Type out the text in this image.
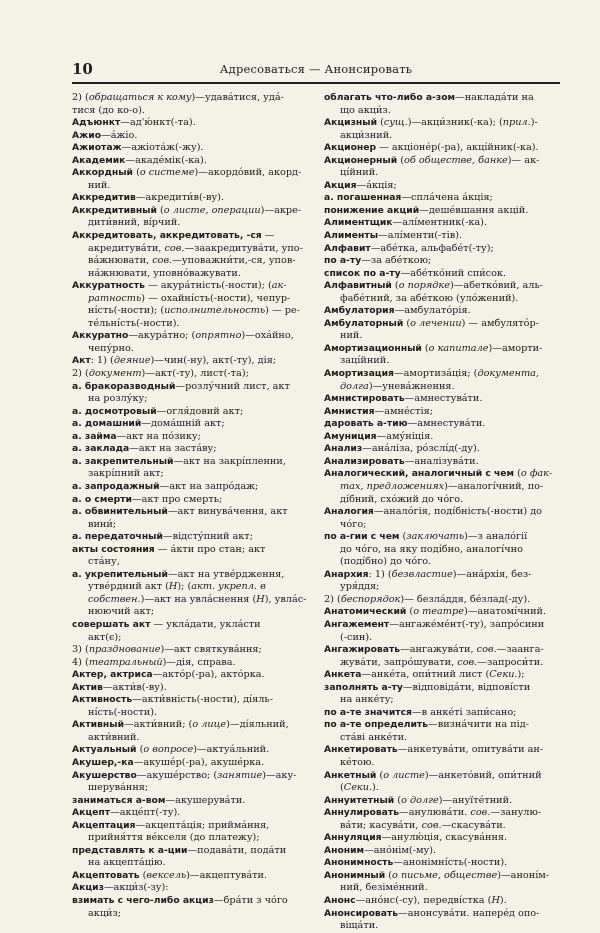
10	Адресоваться — Анонсировать
2) (обращаться к кому)—удава́тися, уда́-
тися (до ко-о).
Адъюнкт—ад'ю́нкт(-та).
Ажио—а́жіо.
Ажиотаж—ажіота́ж(-жу).
Академик—акаде́мік(-ка).
Аккордный (о системе)—акордо́вий, акорд-
ний.
Аккредитив—акредити́в(-ву).
Аккредитивный (о листе, операции)—акре-
дити́вний, ві́рчий.
Аккредитовать, аккредитовать, -ся —
акредитува́ти, сов.—заакредитува́ти, упо-
ва́жнювати, сов.—уповажни́ти,-ся, упов-
на́жнювати, уповно́важувати.
Аккуратность — акура́тність(-ности); (ак-
ратность) — охайні́сть(-ности), чепур-
ні́сть(-ности); (исполнительность) — ре-
те́льні́сть(-ности).
Аккуратно—акура́тно; (опрятно)—оха́йно,
чепу́рно.
Акт: 1) (деяние)—чин(-ну), акт(-ту), дія;
2) (документ)—акт(-ту), лист(-та);
а. бракоразводный—розлу́чний лист, акт
на розлу́ку;
а. досмотровый—огля́довий акт;
а. домашний—дома́шній акт;
а. займа—акт на по́зику;
а. заклада—акт на заста́ву;
а. закрепительный—акт на закрі́пленни,
закрі́пний акт;
а. запродажный—акт на запро́даж;
а. о смерти—акт про смерть;
а. обвинительный—акт винува́чення, акт
вини́;
а. передаточный—відсту́пний акт;
акты состояния — а́кти про стан; акт
ста́ну,
а. укрепительный—акт на утве́рдження,
утве́рдний акт (Н); (акт. укрепл. в
собствен.)—акт на увла́снення (Н), увла́с-
нюючий акт;
совершать акт — укла́дати, укла́сти
акт(є);
3) (празднование)—акт святкува́ння;
4) (театральный)—дія, справа.
Актер, актриса—акто́р(-ра), акто́рка.
Актив—акти́в(-ву).
Активность—акти́вність(-ности), ді́яль-
ні́сть(-ности).
Активный—акти́вний; (о лице)—ді́яльний,
акти́вний.
Актуальный (о вопросе)—актуа́льний.
Акушер,-ка—акуше́р(-ра), акуше́рка.
Акушерство—акуше́рство; (занятие)—аку-
шерува́ння;
заниматься а-вом—акушерува́ти.
Акцепт—акце́пт(-ту).
Акцептация—акцепта́ція; прийма́ння,
прийня́ття ве́кселя (до платежу);
представлять к а-ции—подава́ти, пода́ти
на акцепта́цію.
Акцептовать (вексель)—акцептува́ти.
Акциз—акци́з(-зу):
взимать с чего-либо акциз—бра́ти з чо́го
акци́з;
облагать что-либо а-зом—наклада́ти на
що акци́з.
Акцизный (сущ.)—акци́зник(-ка); (прил.)-
акци́зний.
Акционер — акціоне́р(-ра), акці́йник(-ка).
Акционерный (об обществе, банке)— ак-
ці́йний.
Акция—а́кція;
а. погашенная—спла́чена а́кція;
понижение акций—деше́вшання акцій.
Алиментщик—алі́ментник(-ка).
Алименты—алі́менти(-тів).
Алфавит—абе́тка, альфабе́т(-ту);
по а-ту—за абе́ткою;
список по а-ту—абе́тко́ний спи́сок.
Алфавитный (о порядке)—абетко́вий, аль-
фабе́тний, за абе́ткою (уло́жений).
Амбулатория—амбулато́рія.
Амбулаторный (о лечении) — амбулято́р-
ний.
Амортизационный (о капитале)—аморти-
заці́йний.
Амортизация—амортиза́ція; (документа,
долга)—унева́жнення.
Амнистировать—амнестува́ти.
Амнистия—амне́стія;
даровать а-тию—амнестува́ти.
Амуниция—аму́ніція.
Анализ—ана́ліза, ро́зслі́д(-ду).
Анализировать—аналізува́ти.
Аналогический, аналогичный с чем (о фак-
тах, предложениях)—аналогі́чний, по-
ді́бний, схо́жий до чо́го.
Аналогия—анало́гія, поді́бність(-ности) до
чо́го;
по а-гии с чем (заключать)—з анало́гії
до чо́го, на яку поді́бно, аналогі́чно
(поді́бно) до чо́го.
Анархия: 1) (безвластие)—ана́рхія, без-
уря́ддя;
2) (беспорядок)— безла́ддя, бе́злад(-ду).
Анатомический (о театре)—анатомі́чний.
Ангажемент—ангаже́ме́нт(-ту), запро́сини
(-син).
Ангажировать—ангажува́ти, сов.—заанга-
жува́ти, запро́шувати, сов.—запроси́ти.
Анкета—анке́та, опи́тний лист (Секи.);
заполнять а-ту—відповіда́ти, відпові́сти
на анке́ту;
по а-те значится—в анке́ті запи́сано;
по а-те определить—визна́чити на під-
ста́ві анке́ти.
Анкетировать—анкетува́ти, опитува́ти ан-
ке́тою.
Анкетный (о листе)—анкето́вий, опи́тний
(Секи.).
Аннуитетный (о долге)—ануїте́тний.
Аннулировать—анулюва́ти. сов.—занулю-
ва́ти; касува́ти, сов.—скасува́ти.
Аннуляция—анулю́ція, скасува́ння.
Аноним—ано́нім(-му).
Анонимность—анонімні́сть(-ности).
Анонимный (о письме, обществе)—аноні́м-
ний, безіме́нний.
Анонс—ано́нс(-су), передві́стка (Н).
Анонсировать—анонсува́ти. напере́д опо-
віща́ти.
